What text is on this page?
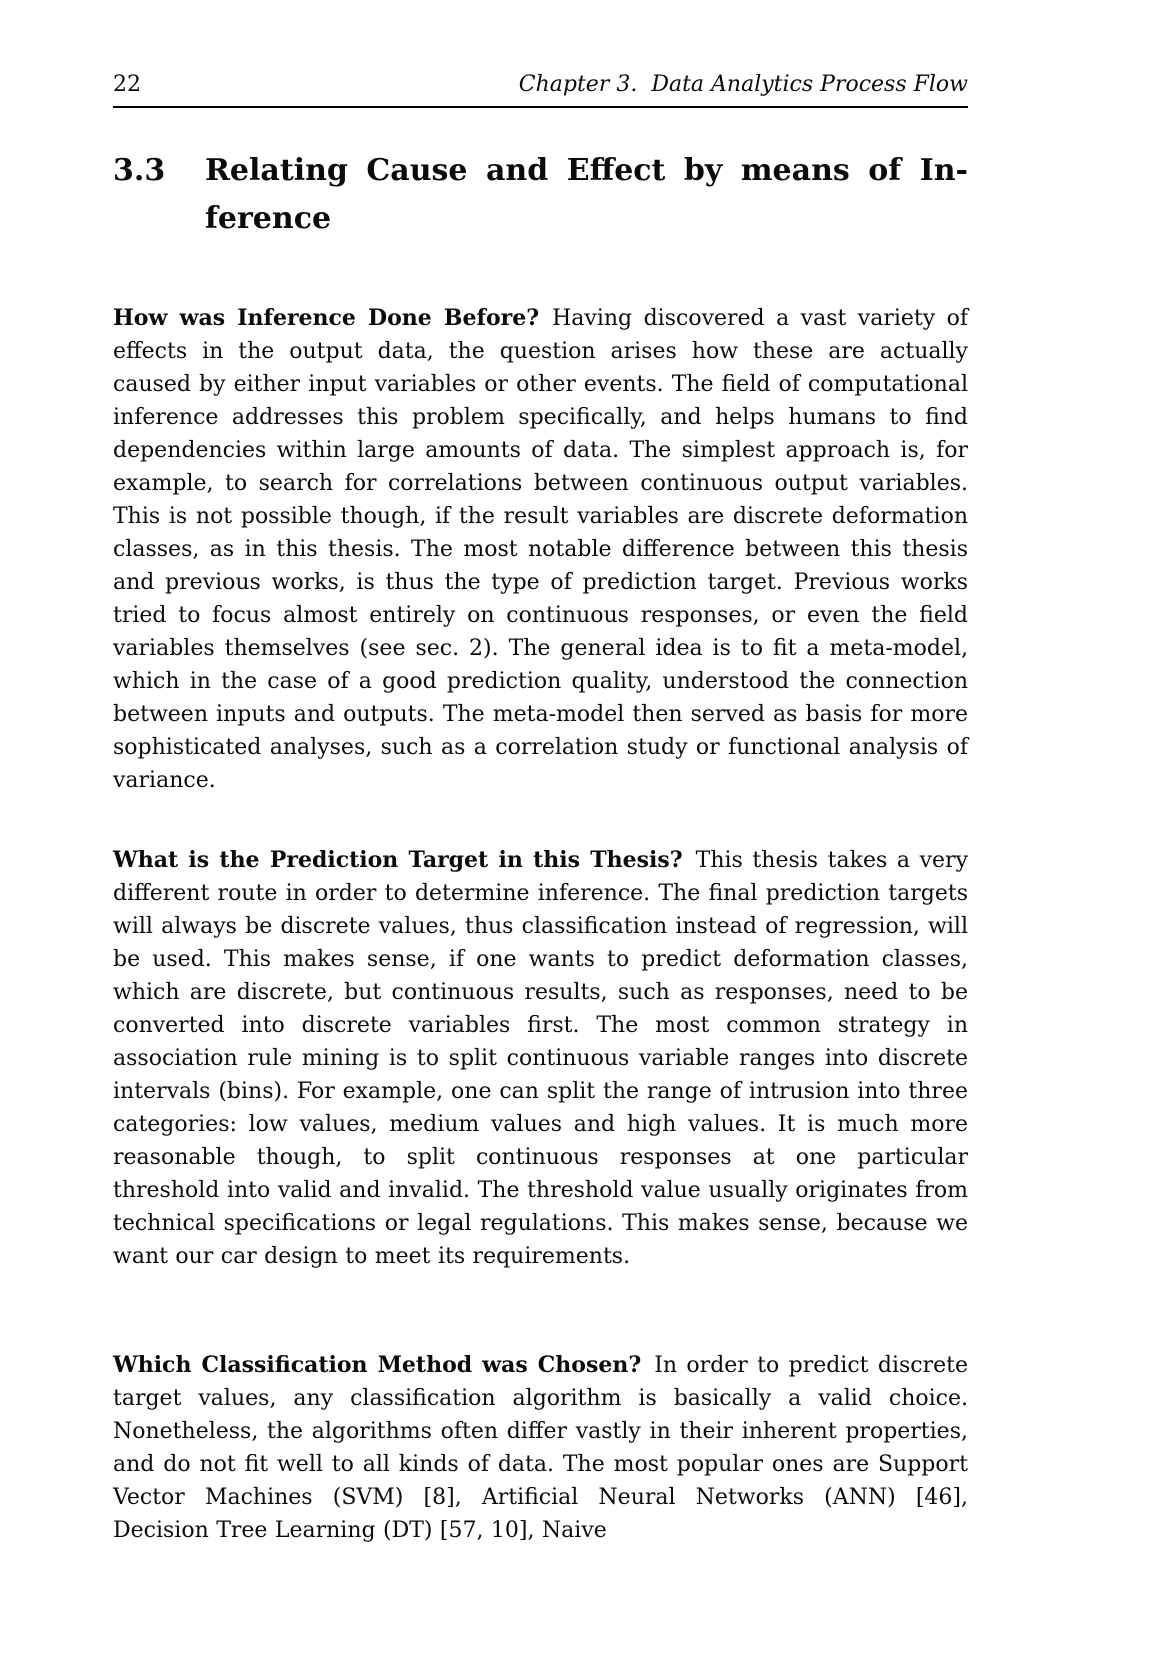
22	Chapter 3.  Data Analytics Process Flow
3.3	Relating Cause and Effect by means of In-
ference

How was Inference Done Before? Having discovered a vast variety of effects in the output data, the question arises how these are actually caused by either input variables or other events. The field of computational inference addresses this problem specifically, and helps humans to find dependencies within large amounts of data. The simplest approach is, for example, to search for correlations between continuous output variables. This is not possible though, if the result variables are discrete deformation classes, as in this thesis. The most notable difference between this thesis and previous works, is thus the type of prediction target. Previous works tried to focus almost entirely on continuous responses, or even the field variables themselves (see sec. 2). The general idea is to fit a meta-model, which in the case of a good prediction quality, understood the connection between inputs and outputs. The meta-model then served as basis for more sophisticated analyses, such as a correlation study or functional analysis of variance.

What is the Prediction Target in this Thesis? This thesis takes a very different route in order to determine inference. The final prediction targets will always be discrete values, thus classification instead of regression, will be used. This makes sense, if one wants to predict deformation classes, which are discrete, but continuous results, such as responses, need to be converted into discrete variables first. The most common strategy in association rule mining is to split continuous variable ranges into discrete intervals (bins). For example, one can split the range of intrusion into three categories: low values, medium values and high values. It is much more reasonable though, to split continuous responses at one particular threshold into valid and invalid. The threshold value usually originates from technical specifications or legal regulations. This makes sense, because we want our car design to meet its requirements.

Which Classification Method was Chosen? In order to predict discrete target values, any classification algorithm is basically a valid choice. Nonetheless, the algorithms often differ vastly in their inherent properties, and do not fit well to all kinds of data. The most popular ones are Support Vector Machines (SVM) [8], Artificial Neural Networks (ANN) [46], Decision Tree Learning (DT) [57, 10], Naive
